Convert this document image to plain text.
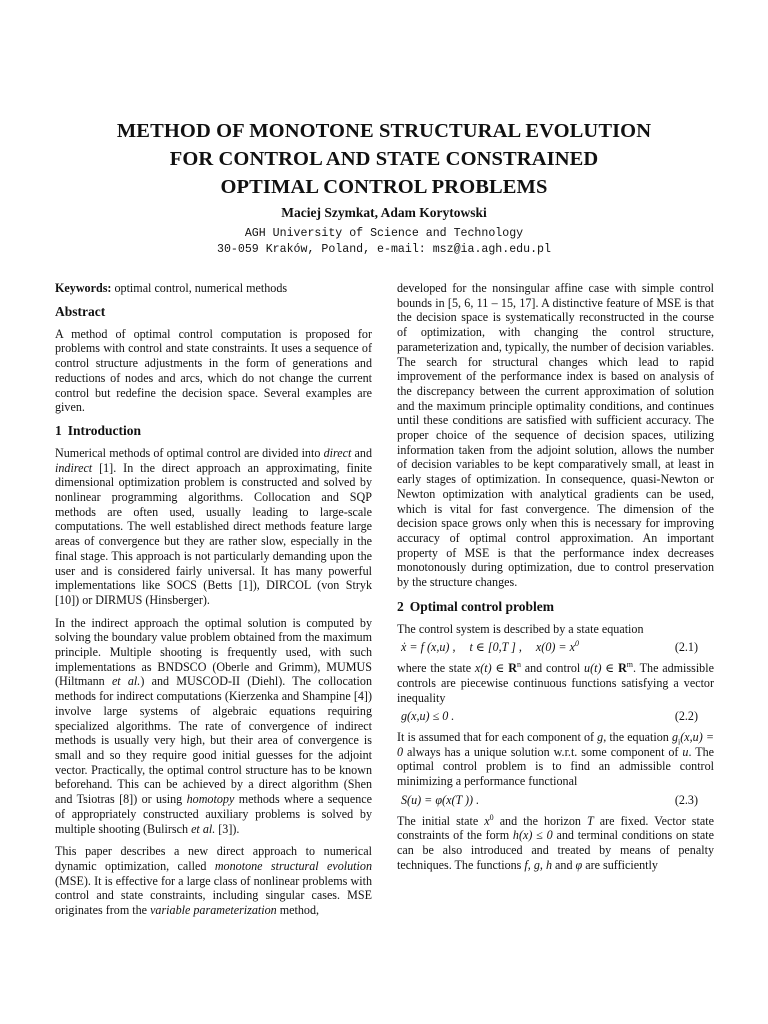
METHOD OF MONOTONE STRUCTURAL EVOLUTION
FOR CONTROL AND STATE CONSTRAINED
OPTIMAL CONTROL PROBLEMS
Maciej Szymkat, Adam Korytowski
AGH University of Science and Technology
30-059 Kraków, Poland, e-mail: msz@ia.agh.edu.pl

Keywords: optimal control, numerical methods

Abstract

A method of optimal control computation is proposed for problems with control and state constraints. It uses a sequence of control structure adjustments in the form of generations and reductions of nodes and arcs, which do not change the current control but redefine the decision space. Several examples are given.

1 Introduction

Numerical methods of optimal control are divided into direct and indirect [1]. In the direct approach an approximating, finite dimensional optimization problem is constructed and solved by nonlinear programming algorithms. Collocation and SQP methods are often used, usually leading to large-scale computations. The well established direct methods feature large areas of convergence but they are rather slow, especially in the final stage. This approach is not particularly demanding upon the user and is considered fairly universal. It has many powerful implementations like SOCS (Betts [1]), DIRCOL (von Stryk [10]) or DIRMUS (Hinsberger).

In the indirect approach the optimal solution is computed by solving the boundary value problem obtained from the maximum principle. Multiple shooting is frequently used, with such implementations as BNDSCO (Oberle and Grimm), MUMUS (Hiltmann et al.) and MUSCOD-II (Diehl). The collocation methods for indirect computations (Kierzenka and Shampine [4]) involve large systems of algebraic equations requiring specialized algorithms. The rate of convergence of indirect methods is usually very high, but their area of convergence is small and so they require good initial guesses for the adjoint vector. Practically, the optimal control structure has to be known beforehand. This can be achieved by a direct algorithm (Shen and Tsiotras [8]) or using homotopy methods where a sequence of appropriately constructed auxiliary problems is solved by multiple shooting (Bulirsch et al. [3]).

This paper describes a new direct approach to numerical dynamic optimization, called monotone structural evolution (MSE). It is effective for a large class of nonlinear problems with control and state constraints, including singular cases. MSE originates from the variable parameterization method,

developed for the nonsingular affine case with simple control bounds in [5, 6, 11 – 15, 17]. A distinctive feature of MSE is that the decision space is systematically reconstructed in the course of optimization, with changing the control structure, parameterization and, typically, the number of decision variables. The search for structural changes which lead to rapid improvement of the performance index is based on analysis of the discrepancy between the current approximation of solution and the maximum principle optimality conditions, and continues until these conditions are satisfied with sufficient accuracy. The proper choice of the sequence of decision spaces, utilizing information taken from the adjoint solution, allows the number of decision variables to be kept comparatively small, at least in early stages of optimization. In consequence, quasi-Newton or Newton optimization with analytical gradients can be used, which is vital for fast convergence. The dimension of the decision space grows only when this is necessary for improving accuracy of optimal control approximation. An important property of MSE is that the performance index decreases monotonously during optimization, due to control preservation by the structure changes.

2 Optimal control problem

The control system is described by a state equation

ẋ = f (x,u) , t ∈ [0,T ] , $x(0) = x^0$	(2.1)

where the state x(t) ∈ $R^n$ and control u(t) ∈ $R^m$. The admissible controls are piecewise continuous functions satisfying a vector inequality

g(x,u) ≤ 0 .	(2.2)

It is assumed that for each component of g, the equation $g_i(x,u) = 0$ always has a unique solution w.r.t. some component of u. The optimal control problem is to find an admissible control minimizing a performance functional

S(u) = φ(x(T )) .	(2.3)

The initial state $x^0$ and the horizon T are fixed. Vector state constraints of the form h(x) ≤ 0 and terminal conditions on state can be also introduced and treated by means of penalty techniques. The functions f, g, h and φ are sufficiently
